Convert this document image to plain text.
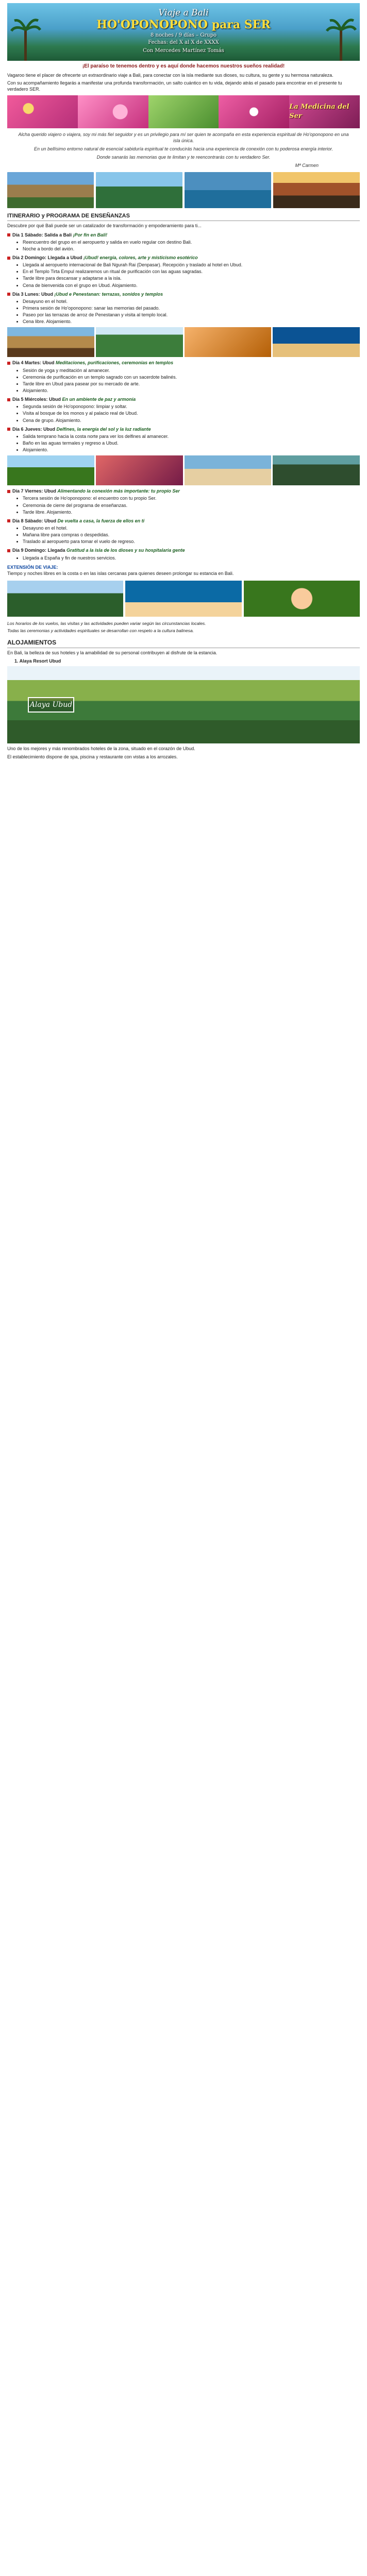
Viaje a Bali
HO'OPONOPONO para SER
8 noches / 9 días – Grupo
Fechas: del X al X de XXXX
Con Mercedes Martínez Tomás
¡El paraíso te tenemos dentro y es aquí donde hacemos nuestros sueños realidad!

Vagaroo tiene el placer de ofrecerte un extraordinario viaje a Bali, para conectar con la isla mediante sus dioses, su cultura, su gente y su hermosa naturaleza.

Con su acompañamiento llegarás a manifestar una profunda transformación, un salto cuántico en tu vida, dejando atrás el pasado para encontrar en el presente tu verdadero SER.

La Medicina del Ser

Alcha querido viajero o viajera, soy mi más fiel seguidor y es un privilegio para mí ser quien te acompaña en esta experiencia espiritual de Ho'oponopono en una isla única.

En un bellísimo entorno natural de esencial sabiduría espiritual te conducirás hacia una experiencia de conexión con tu poderosa energía interior.

Donde sanarás las memorias que te limitan y te reencontrarás con tu verdadero Ser.

Mª Carmen

ITINERARIO y PROGRAMA DE ENSEÑANZAS

Descubre por qué Bali puede ser un catalizador de transformación y empoderamiento para ti...

Día 1 Sábado: Salida a Bali ¡Por fin en Bali!
• Reencuentro del grupo en el aeropuerto y salida en vuelo regular con destino Bali.
• Noche a bordo del avión.
Día 2 Domingo: Llegada a Ubud ¡Ubud! energía, colores, arte y misticismo esotérico
• Llegada al aeropuerto internacional de Bali Ngurah Rai (Denpasar). Recepción y traslado al hotel en Ubud.
• En el Templo Tirta Empul realizaremos un ritual de purificación con las aguas sagradas.
• Tarde libre para descansar y adaptarse a la isla.
• Cena de bienvenida con el grupo en Ubud. Alojamiento.
Día 3 Lunes: Ubud ¡Ubud e Penestanan: terrazas, sonidos y templos
• Desayuno en el hotel.
• Primera sesión de Ho'oponopono: sanar las memorias del pasado.
• Paseo por las terrazas de arroz de Penestanan y visita al templo local.
• Cena libre. Alojamiento.
Día 4 Martes: Ubud Meditaciones, purificaciones, ceremonias en templos
• Sesión de yoga y meditación al amanecer.
• Ceremonia de purificación en un templo sagrado con un sacerdote balinés.
• Tarde libre en Ubud para pasear por su mercado de arte.
• Alojamiento.
Día 5 Miércoles: Ubud En un ambiente de paz y armonía
• Segunda sesión de Ho'oponopono: limpiar y soltar.
• Visita al bosque de los monos y al palacio real de Ubud.
• Cena de grupo. Alojamiento.
Día 6 Jueves: Ubud Delfines, la energía del sol y la luz radiante
• Salida temprano hacia la costa norte para ver los delfines al amanecer.
• Baño en las aguas termales y regreso a Ubud.
• Alojamiento.
Día 7 Viernes: Ubud Alimentando la conexión más importante: tu propio Ser
• Tercera sesión de Ho'oponopono: el encuentro con tu propio Ser.
• Ceremonia de cierre del programa de enseñanzas.
• Tarde libre. Alojamiento.
Día 8 Sábado: Ubud De vuelta a casa, la fuerza de ellos en ti
• Desayuno en el hotel.
• Mañana libre para compras o despedidas.
• Traslado al aeropuerto para tomar el vuelo de regreso.
Día 9 Domingo: Llegada Gratitud a la isla de los dioses y su hospitalaria gente
• Llegada a España y fin de nuestros servicios.
EXTENSIÓN DE VIAJE:

Tiempo y noches libres en la costa o en las islas cercanas para quienes deseen prolongar su estancia en Bali.

Los horarios de los vuelos, las visitas y las actividades pueden variar según las circunstancias locales.

Todas las ceremonias y actividades espirituales se desarrollan con respeto a la cultura balinesa.

ALOJAMIENTOS

En Bali, la belleza de sus hoteles y la amabilidad de su personal contribuyen al disfrute de la estancia.

1. Alaya Resort Ubud
Alaya Ubud

Uno de los mejores y más renombrados hoteles de la zona, situado en el corazón de Ubud.

El establecimiento dispone de spa, piscina y restaurante con vistas a los arrozales.
